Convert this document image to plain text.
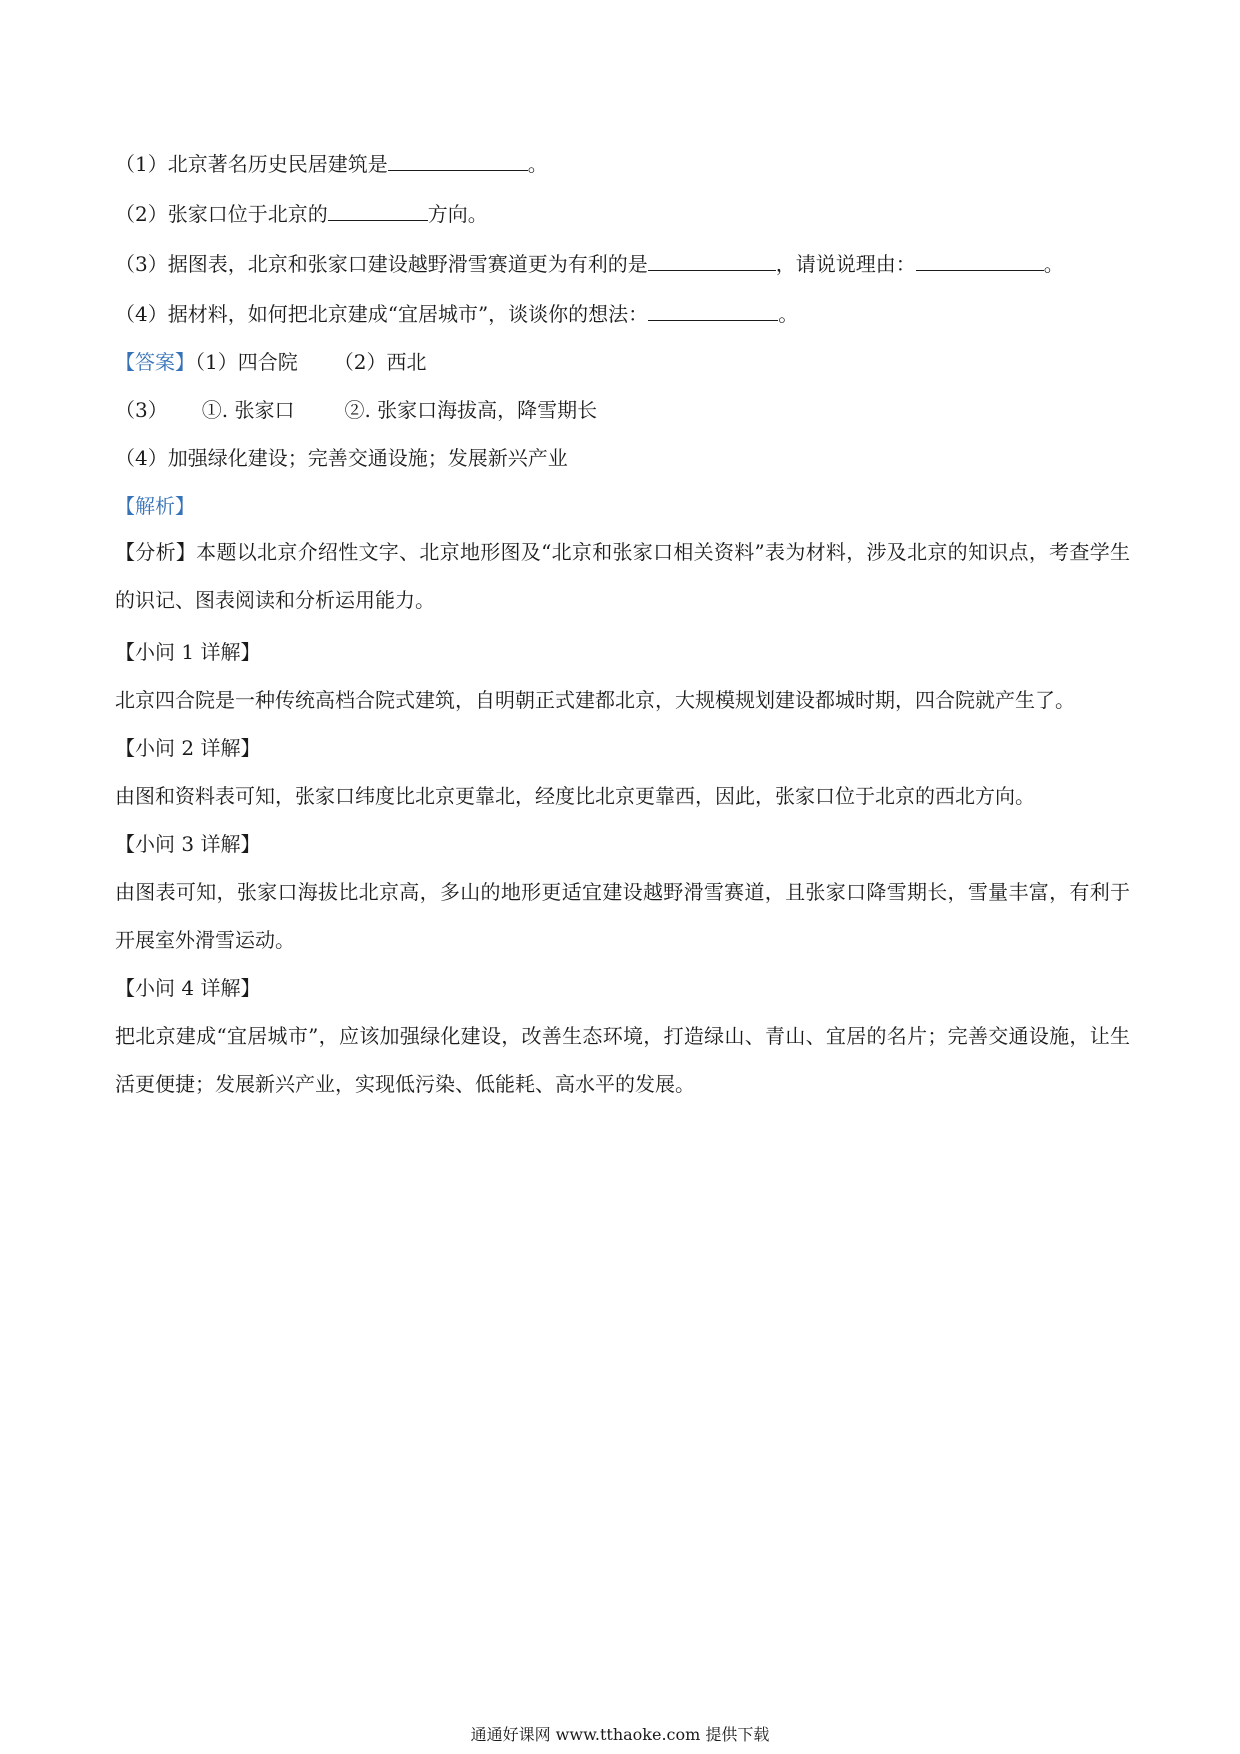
（1）北京著名历史民居建筑是	。

（2）张家口位于北京的	方向。

（3）据图表，北京和张家口建设越野滑雪赛道更为有利的是	，请说说理由：	。

（4）据材料，如何把北京建成“宜居城市”，谈谈你的想法：	。

【答案】（1）四合院 （2）西北

（3） ①. 张家口	②. 张家口海拔高，降雪期长

（4）加强绿化建设；完善交通设施；发展新兴产业

【解析】

【分析】本题以北京介绍性文字、北京地形图及“北京和张家口相关资料”表为材料，涉及北京的知识点，考查学生的识记、图表阅读和分析运用能力。

【小问 1 详解】

北京四合院是一种传统高档合院式建筑，自明朝正式建都北京，大规模规划建设都城时期，四合院就产生了。

【小问 2 详解】

由图和资料表可知，张家口纬度比北京更靠北，经度比北京更靠西，因此，张家口位于北京的西北方向。

【小问 3 详解】

由图表可知，张家口海拔比北京高，多山的地形更适宜建设越野滑雪赛道，且张家口降雪期长，雪量丰富，有利于开展室外滑雪运动。

【小问 4 详解】

把北京建成“宜居城市”，应该加强绿化建设，改善生态环境，打造绿山、青山、宜居的名片；完善交通设施，让生活更便捷；发展新兴产业，实现低污染、低能耗、高水平的发展。

通通好课网 www.tthaoke.com 提供下载
